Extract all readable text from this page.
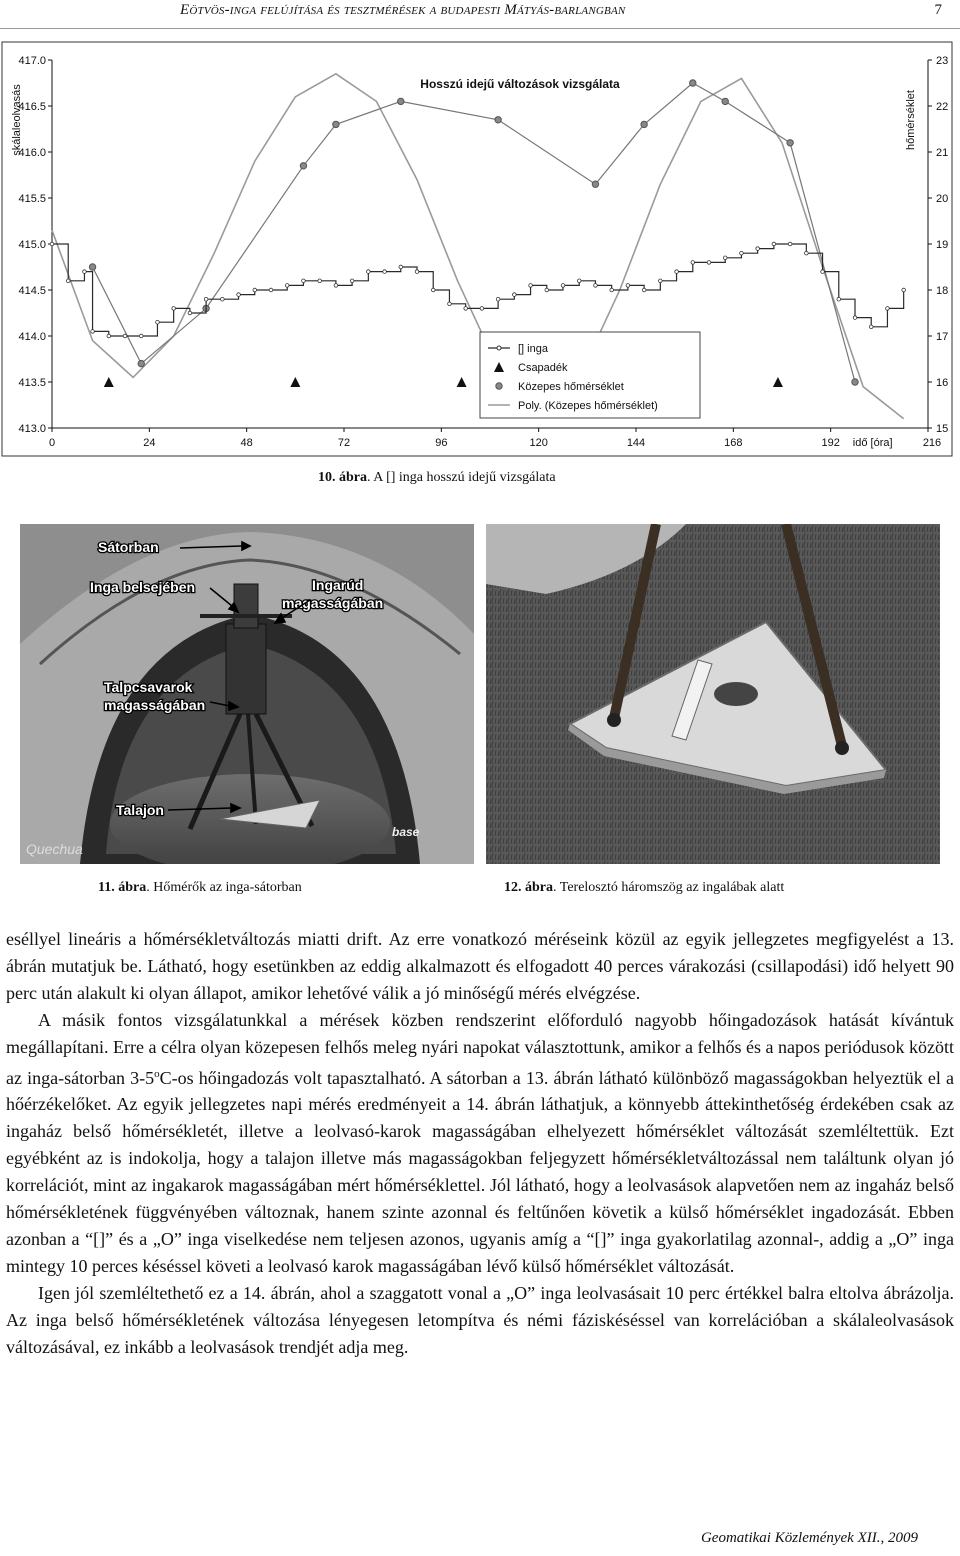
Eötvös-inga felújítása és tesztmérések a budapesti Mátyás-barlangban	7
417.0
416.5
416.0
415.5
415.0
414.5
414.0
413.5
413.0
23
22
21
20
19
18
17
16
15
0	24	48	72	96	120	144	168	192	216
idő [óra]
skálaleolvasás	hőmérséklet
Hosszú idejű változások vizsgálata
[] inga
Csapadék
Közepes hőmérséklet
Poly. (Közepes hőmérséklet)
10. ábra. A [] inga hosszú idejű vizsgálata
Sátorban
Inga belsejében	Ingarúd
magasságában
Talpcsavarok
magasságában
Talajon
Quechua
base
11. ábra. Hőmérők az inga-sátorban	12. ábra. Terelosztó háromszög az ingalábak alatt

eséllyel lineáris a hőmérsékletváltozás miatti drift. Az erre vonatkozó méréseink közül az egyik jellegzetes megfigyelést a 13. ábrán mutatjuk be. Látható, hogy esetünkben az eddig alkalmazott és elfogadott 40 perces várakozási (csillapodási) idő helyett 90 perc után alakult ki olyan állapot, amikor lehetővé válik a jó minőségű mérés elvégzése.

A másik fontos vizsgálatunkkal a mérések közben rendszerint előforduló nagyobb hőingadozások hatását kívántuk megállapítani. Erre a célra olyan közepesen felhős meleg nyári napokat választottunk, amikor a felhős és a napos periódusok között az inga-sátorban 3-5$^o$C-os hőingadozás volt tapasztalható. A sátorban a 13. ábrán látható különböző magasságokban helyeztük el a hőérzékelőket. Az egyik jellegzetes napi mérés eredményeit a 14. ábrán láthatjuk, a könnyebb áttekinthetőség érdekében csak az ingaház belső hőmérsékletét, illetve a leolvasó-karok magasságában elhelyezett hőmérséklet változását szemléltettük. Ezt egyébként az is indokolja, hogy a talajon illetve más magasságokban feljegyzett hőmérsékletváltozással nem találtunk olyan jó korrelációt, mint az ingakarok magasságában mért hőmérséklettel. Jól látható, hogy a leolvasások alapvetően nem az ingaház belső hőmérsékletének függvényében változnak, hanem szinte azonnal és feltűnően követik a külső hőmérséklet ingadozását. Ebben azonban a “[]” és a „O” inga viselkedése nem teljesen azonos, ugyanis amíg a “[]” inga gyakorlatilag azonnal-, addig a „O” inga mintegy 10 perces késéssel követi a leolvasó karok magasságában lévő külső hőmérséklet változását.

Igen jól szemléltethető ez a 14. ábrán, ahol a szaggatott vonal a „O” inga leolvasásait 10 perc értékkel balra eltolva ábrázolja. Az inga belső hőmérsékletének változása lényegesen letompítva és némi fáziskéséssel van korrelációban a skálaleolvasások változásával, ez inkább a leolvasások trendjét adja meg.

Geomatikai Közlemények XII., 2009
